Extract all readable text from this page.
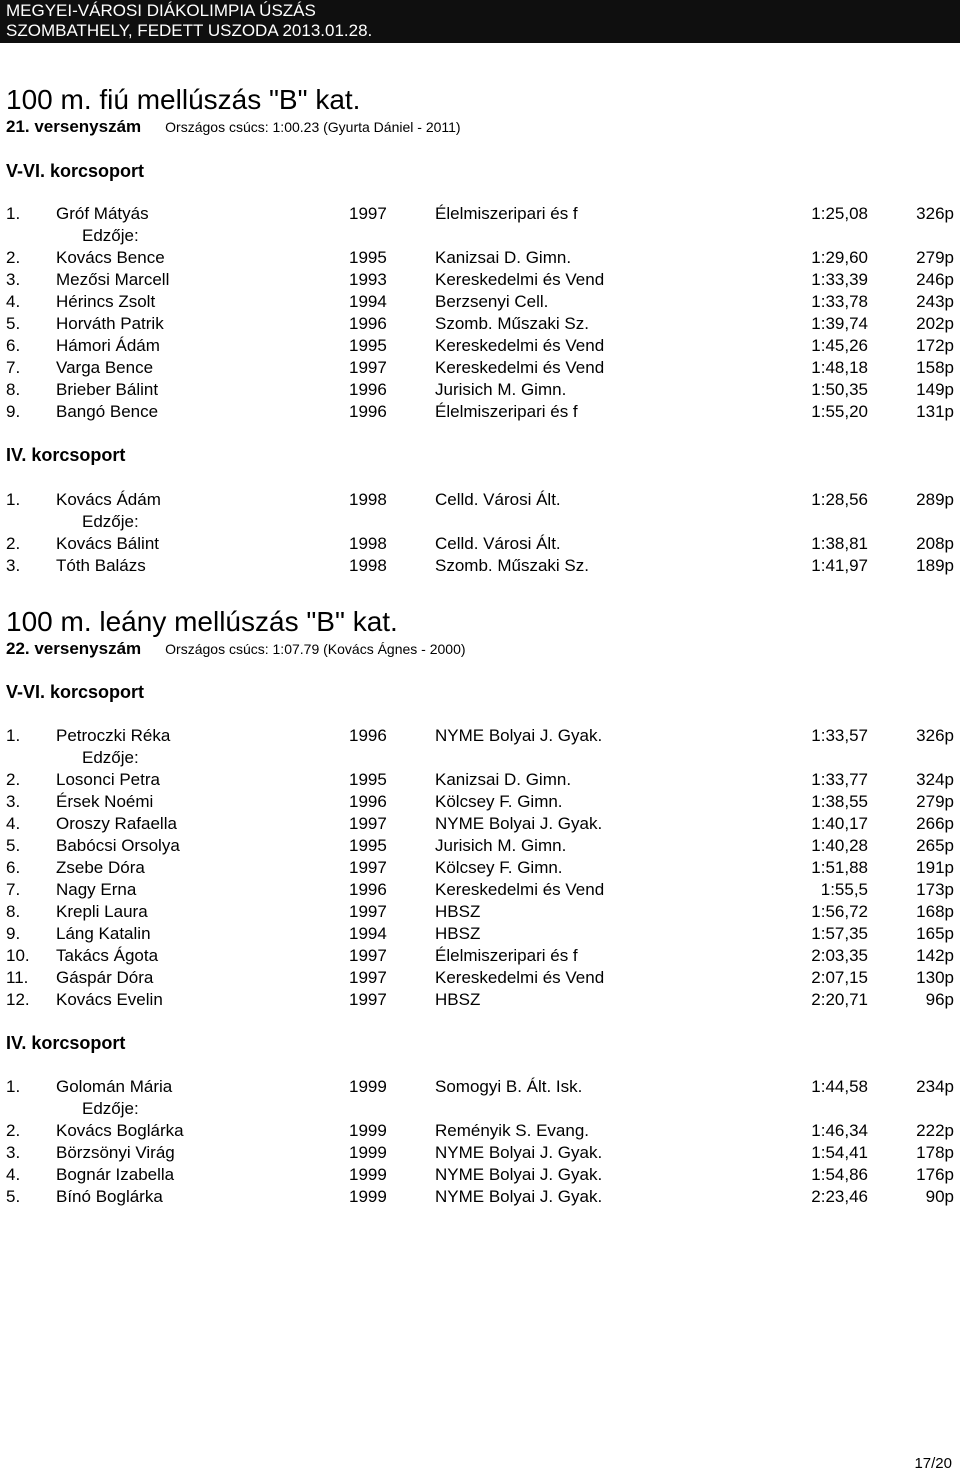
MEGYEI-VÁROSI DIÁKOLIMPIA ÚSZÁS
SZOMBATHELY, FEDETT USZODA 2013.01.28.
100 m. fiú mellúszás "B" kat.
21. versenyszám Országos csúcs: 1:00.23 (Gyurta Dániel - 2011)
V-VI. korcsoport
1. Gróf Mátyás	1997	Élelmiszeripari és f	1:25,08	326p
Edzője:
2. Kovács Bence	1995	Kanizsai D. Gimn.	1:29,60	279p
3. Mezősi Marcell	1993	Kereskedelmi és Vend	1:33,39	246p
4. Hérincs Zsolt	1994	Berzsenyi Cell.	1:33,78	243p
5. Horváth Patrik	1996	Szomb. Műszaki Sz.	1:39,74	202p
6. Hámori Ádám	1995	Kereskedelmi és Vend	1:45,26	172p
7. Varga Bence	1997	Kereskedelmi és Vend	1:48,18	158p
8. Brieber Bálint	1996	Jurisich M. Gimn.	1:50,35	149p
9. Bangó Bence	1996	Élelmiszeripari és f	1:55,20	131p
IV. korcsoport
1. Kovács Ádám	1998	Celld. Városi Ált.	1:28,56	289p
Edzője:
2. Kovács Bálint	1998	Celld. Városi Ált.	1:38,81	208p
3. Tóth Balázs	1998	Szomb. Műszaki Sz.	1:41,97	189p
100 m. leány mellúszás "B" kat.
22. versenyszám Országos csúcs: 1:07.79 (Kovács Ágnes - 2000)
V-VI. korcsoport
1. Petroczki Réka	1996	NYME Bolyai J. Gyak.	1:33,57	326p
Edzője:
2. Losonci Petra	1995	Kanizsai D. Gimn.	1:33,77	324p
3. Érsek Noémi	1996	Kölcsey F. Gimn.	1:38,55	279p
4. Oroszy Rafaella	1997	NYME Bolyai J. Gyak.	1:40,17	266p
5. Babócsi Orsolya	1995	Jurisich M. Gimn.	1:40,28	265p
6. Zsebe Dóra	1997	Kölcsey F. Gimn.	1:51,88	191p
7. Nagy Erna	1996	Kereskedelmi és Vend	1:55,5	173p
8. Krepli Laura	1997	HBSZ	1:56,72	168p
9. Láng Katalin	1994	HBSZ	1:57,35	165p
10. Takács Ágota	1997	Élelmiszeripari és f	2:03,35	142p
11. Gáspár Dóra	1997	Kereskedelmi és Vend	2:07,15	130p
12. Kovács Evelin	1997	HBSZ	2:20,71	96p
IV. korcsoport
1. Golomán Mária	1999	Somogyi B. Ált. Isk.	1:44,58	234p
Edzője:
2. Kovács Boglárka	1999	Reményik S. Evang.	1:46,34	222p
3. Börzsönyi Virág	1999	NYME Bolyai J. Gyak.	1:54,41	178p
4. Bognár Izabella	1999	NYME Bolyai J. Gyak.	1:54,86	176p
5. Bínó Boglárka	1999	NYME Bolyai J. Gyak.	2:23,46	90p
17/20
